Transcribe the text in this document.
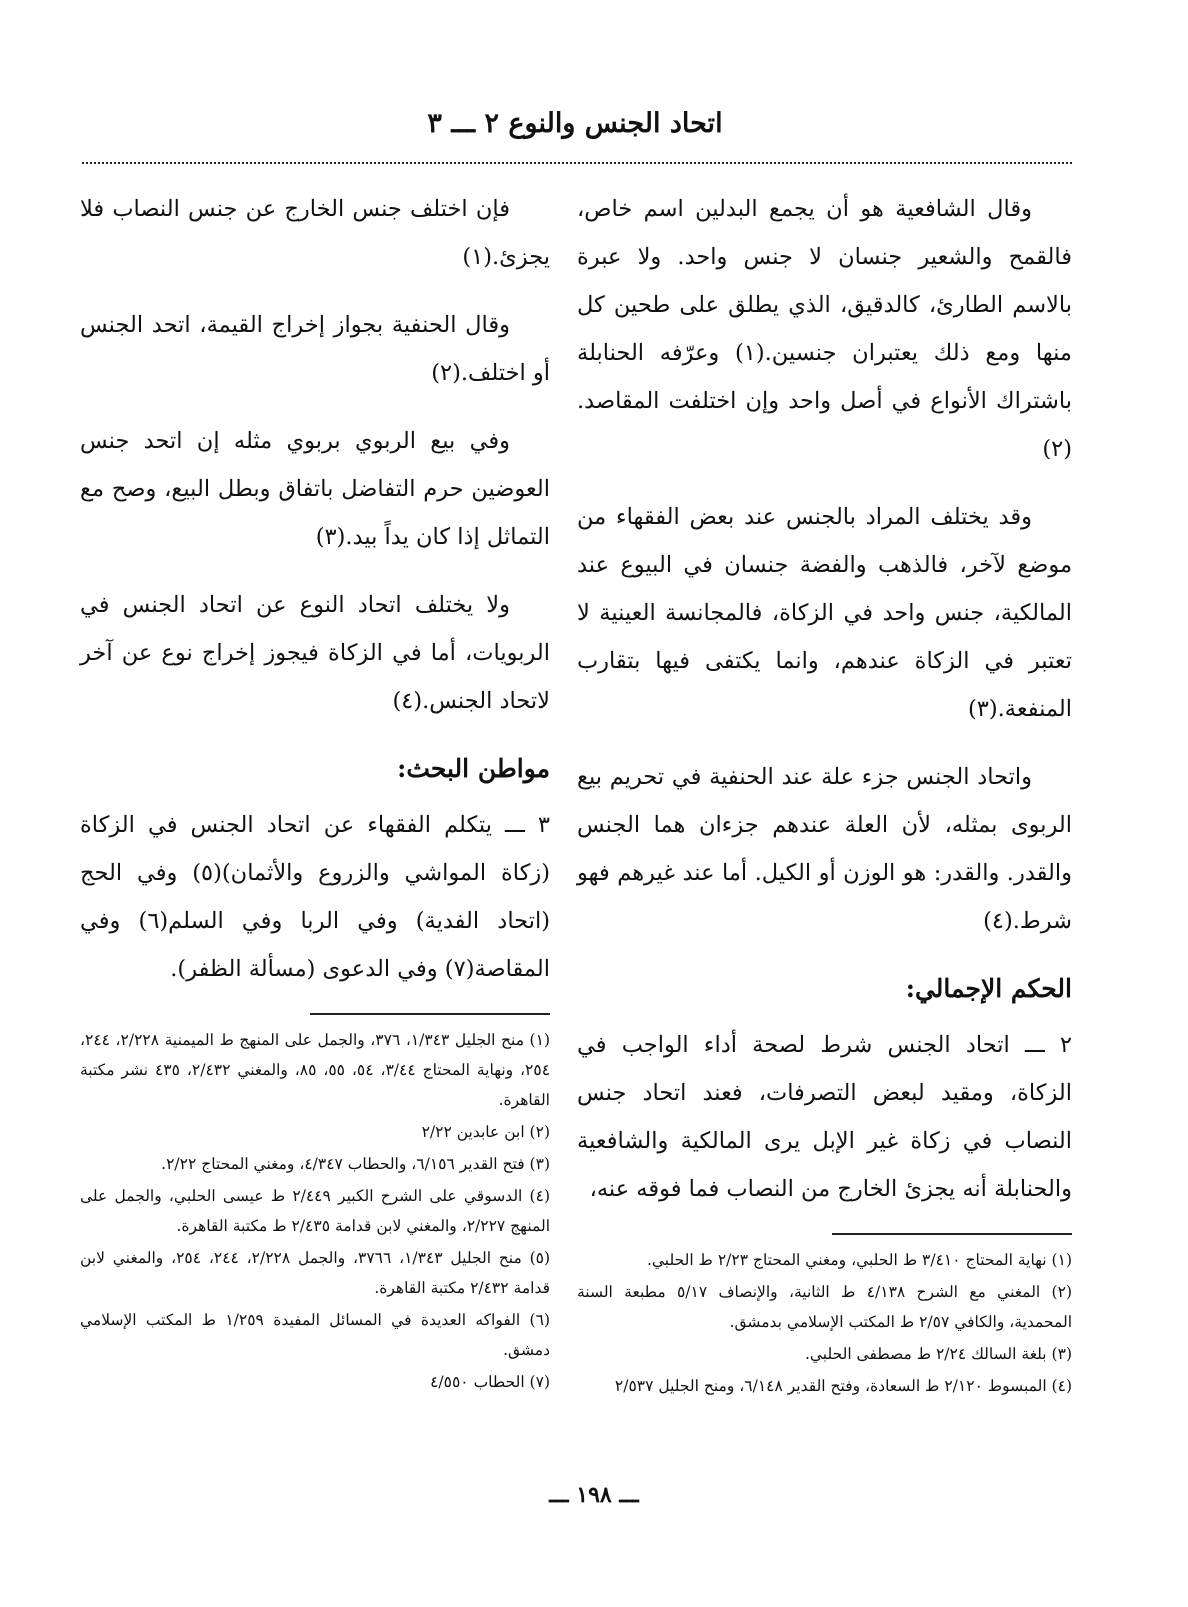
اتحاد الجنس والنوع ٢ ـــ ٣

وقال الشافعية هو أن يجمع البدلين اسم خاص، فالقمح والشعير جنسان لا جنس واحد. ولا عبرة بالاسم الطارئ، كالدقيق، الذي يطلق على طحين كل منها ومع ذلك يعتبران جنسين.(١) وعرّفه الحنابلة باشتراك الأنواع في أصل واحد وإن اختلفت المقاصد.(٢)

وقد يختلف المراد بالجنس عند بعض الفقهاء من موضع لآخر، فالذهب والفضة جنسان في البيوع عند المالكية، جنس واحد في الزكاة، فالمجانسة العينية لا تعتبر في الزكاة عندهم، وانما يكتفى فيها بتقارب المنفعة.(٣)

واتحاد الجنس جزء علة عند الحنفية في تحريم بيع الربوى بمثله، لأن العلة عندهم جزءان هما الجنس والقدر. والقدر: هو الوزن أو الكيل. أما عند غيرهم فهو شرط.(٤)

الحكم الإجمالي:

٢ ـــ اتحاد الجنس شرط لصحة أداء الواجب في الزكاة، ومقيد لبعض التصرفات، فعند اتحاد جنس النصاب في زكاة غير الإبل يرى المالكية والشافعية والحنابلة أنه يجزئ الخارج من النصاب فما فوقه عنه،

(١) نهاية المحتاج ٣/٤١٠ ط الحلبي، ومغني المحتاج ٢/٢٣ ط الحلبي.
(٢) المغني مع الشرح ٤/١٣٨ ط الثانية، والإنصاف ٥/١٧ مطبعة السنة المحمدية، والكافي ٢/٥٧ ط المكتب الإسلامي بدمشق.
(٣) بلغة السالك ٢/٢٤ ط مصطفى الحلبي.
(٤) المبسوط ٢/١٢٠ ط السعادة، وفتح القدير ٦/١٤٨، ومنح الجليل ٢/٥٣٧

فإن اختلف جنس الخارج عن جنس النصاب فلا يجزئ.(١)

وقال الحنفية بجواز إخراج القيمة، اتحد الجنس أو اختلف.(٢)

وفي بيع الربوي بربوي مثله إن اتحد جنس العوضين حرم التفاضل باتفاق وبطل البيع، وصح مع التماثل إذا كان يداً بيد.(٣)

ولا يختلف اتحاد النوع عن اتحاد الجنس في الربويات، أما في الزكاة فيجوز إخراج نوع عن آخر لاتحاد الجنس.(٤)

مواطن البحث:

٣ ـــ يتكلم الفقهاء عن اتحاد الجنس في الزكاة (زكاة المواشي والزروع والأثمان)(٥) وفي الحج (اتحاد الفدية) وفي الربا وفي السلم(٦) وفي المقاصة(٧) وفي الدعوى (مسألة الظفر).

(١) منح الجليل ١/٣٤٣، ٣٧٦، والجمل على المنهج ط الميمنية ٢/٢٢٨، ٢٤٤، ٢٥٤، ونهاية المحتاج ٣/٤٤، ٥٤، ٥٥، ٨٥، والمغني ٢/٤٣٢، ٤٣٥ نشر مكتبة القاهرة.
(٢) ابن عابدين ٢/٢٢
(٣) فتح القدير ٦/١٥٦، والحطاب ٤/٣٤٧، ومغني المحتاج ٢/٢٢.
(٤) الدسوقي على الشرح الكبير ٢/٤٤٩ ط عيسى الحلبي، والجمل على المنهج ٢/٢٢٧، والمغني لابن قدامة ٢/٤٣٥ ط مكتبة القاهرة.
(٥) منح الجليل ١/٣٤٣، ٣٧٦٦، والجمل ٢/٢٢٨، ٢٤٤، ٢٥٤، والمغني لابن قدامة ٢/٤٣٢ مكتبة القاهرة.
(٦) الفواكه العديدة في المسائل المفيدة ١/٢٥٩ ط المكتب الإسلامي دمشق.
(٧) الحطاب ٤/٥٥٠
ـــ ١٩٨ ـــ
